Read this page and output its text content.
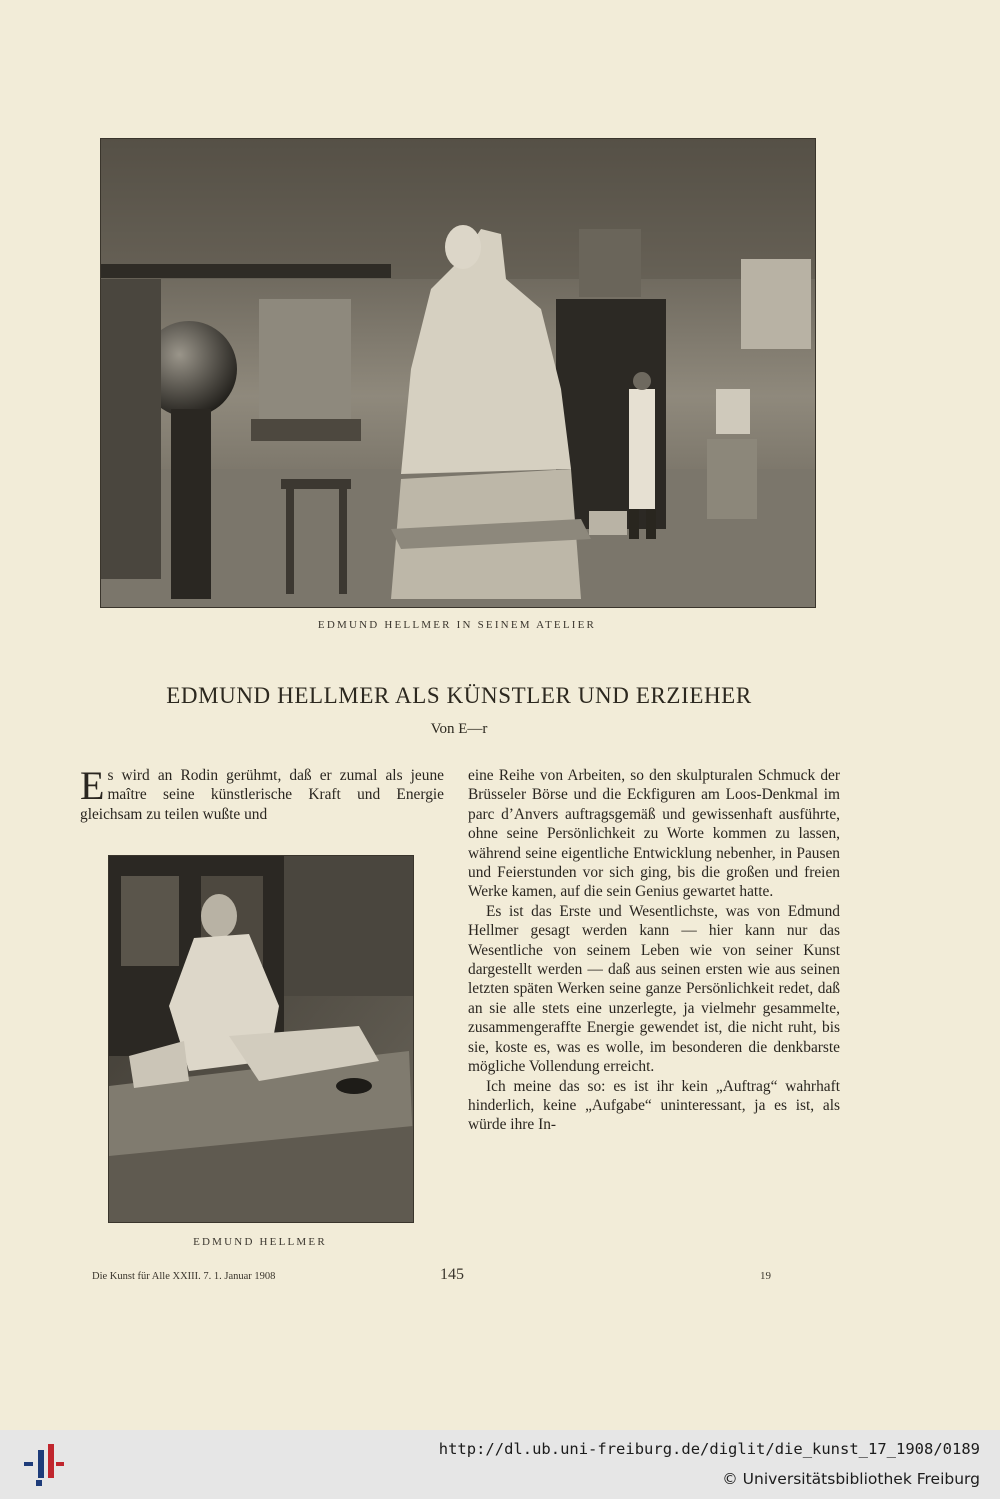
EDMUND HELLMER IN SEINEM ATELIER
EDMUND HELLMER ALS KÜNSTLER UND ERZIEHER
Von E—r

Es wird an Rodin gerühmt, daß er zumal als jeune maître seine künstlerische Kraft und Energie gleichsam zu teilen wußte und

EDMUND HELLMER

eine Reihe von Arbeiten, so den skulpturalen Schmuck der Brüsseler Börse und die Eckfiguren am Loos-Denkmal im parc d’Anvers auftragsgemäß und gewissenhaft ausführte, ohne seine Persönlichkeit zu Worte kommen zu lassen, während seine eigentliche Entwicklung nebenher, in Pausen und Feierstunden vor sich ging, bis die großen und freien Werke kamen, auf die sein Genius gewartet hatte.

Es ist das Erste und Wesentlichste, was von Edmund Hellmer gesagt werden kann — hier kann nur das Wesentliche von seinem Leben wie von seiner Kunst dargestellt werden — daß aus seinen ersten wie aus seinen letzten späten Werken seine ganze Persönlichkeit redet, daß an sie alle stets eine unzerlegte, ja vielmehr gesammelte, zusammengeraffte Energie gewendet ist, die nicht ruht, bis sie, koste es, was es wolle, im besonderen die denkbarste mögliche Vollendung erreicht.

Ich meine das so: es ist ihr kein „Auftrag“ wahrhaft hinderlich, keine „Aufgabe“ uninteressant, ja es ist, als würde ihre In-

Die Kunst für Alle XXIII. 7. 1. Januar 1908	145	19
http://dl.ub.uni-freiburg.de/diglit/die_kunst_17_1908/0189
© Universitätsbibliothek Freiburg
